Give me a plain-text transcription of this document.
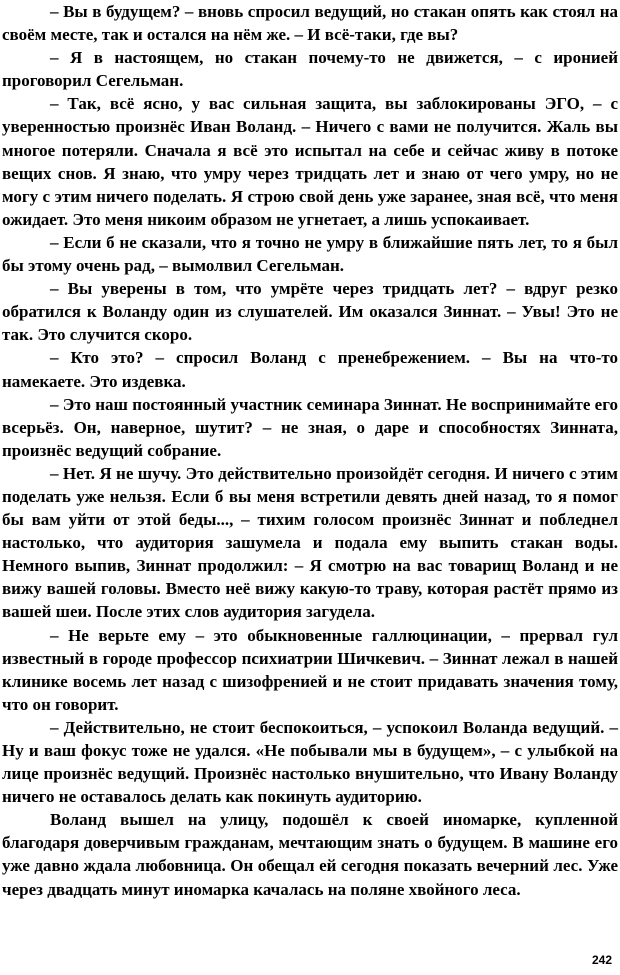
– Вы в будущем? – вновь спросил ведущий, но стакан опять как стоял на своём месте, так и остался на нём же. – И всё-таки, где вы?

– Я в настоящем, но стакан почему-то не движется, – с иронией проговорил Сегельман.

– Так, всё ясно, у вас сильная защита, вы заблокированы ЭГО, – с уверенностью произнёс Иван Воланд. – Ничего с вами не получится. Жаль вы многое потеряли. Сначала я всё это испытал на себе и сейчас живу в потоке вещих снов. Я знаю, что умру через тридцать лет и знаю от чего умру, но не могу с этим ничего поделать. Я строю свой день уже заранее, зная всё, что меня ожидает. Это меня никоим образом не угнетает, а лишь успокаивает.

– Если б не сказали, что я точно не умру в ближайшие пять лет, то я был бы этому очень рад, – вымолвил Сегельман.

– Вы уверены в том, что умрёте через тридцать лет? – вдруг резко обратился к Воланду один из слушателей. Им оказался Зиннат. – Увы! Это не так. Это случится скоро.

– Кто это? – спросил Воланд с пренебрежением. – Вы на что-то намекаете. Это издевка.

– Это наш постоянный участник семинара Зиннат. Не воспринимайте его всерьёз. Он, наверное, шутит? – не зная, о даре и способностях Зинната, произнёс ведущий собрание.

– Нет. Я не шучу. Это действительно произойдёт сегодня. И ничего с этим поделать уже нельзя. Если б вы меня встретили девять дней назад, то я помог бы вам уйти от этой беды..., – тихим голосом произнёс Зиннат и побледнел настолько, что аудитория зашумела и подала ему выпить стакан воды. Немного выпив, Зиннат продолжил: – Я смотрю на вас товарищ Воланд и не вижу вашей головы. Вместо неё вижу какую-то траву, которая растёт прямо из вашей шеи. После этих слов аудитория загудела.

– Не верьте ему – это обыкновенные галлюцинации, – прервал гул известный в городе профессор психиатрии Шичкевич. – Зиннат лежал в нашей клинике восемь лет назад с шизофренией и не стоит придавать значения тому, что он говорит.

– Действительно, не стоит беспокоиться, – успокоил Воланда ведущий. – Ну и ваш фокус тоже не удался. «Не побывали мы в будущем», – с улыбкой на лице произнёс ведущий. Произнёс настолько внушительно, что Ивану Воланду ничего не оставалось делать как покинуть аудиторию.

Воланд вышел на улицу, подошёл к своей иномарке, купленной благодаря доверчивым гражданам, мечтающим знать о будущем. В машине его уже давно ждала любовница. Он обещал ей сегодня показать вечерний лес. Уже через двадцать минут иномарка качалась на поляне хвойного леса.

242
